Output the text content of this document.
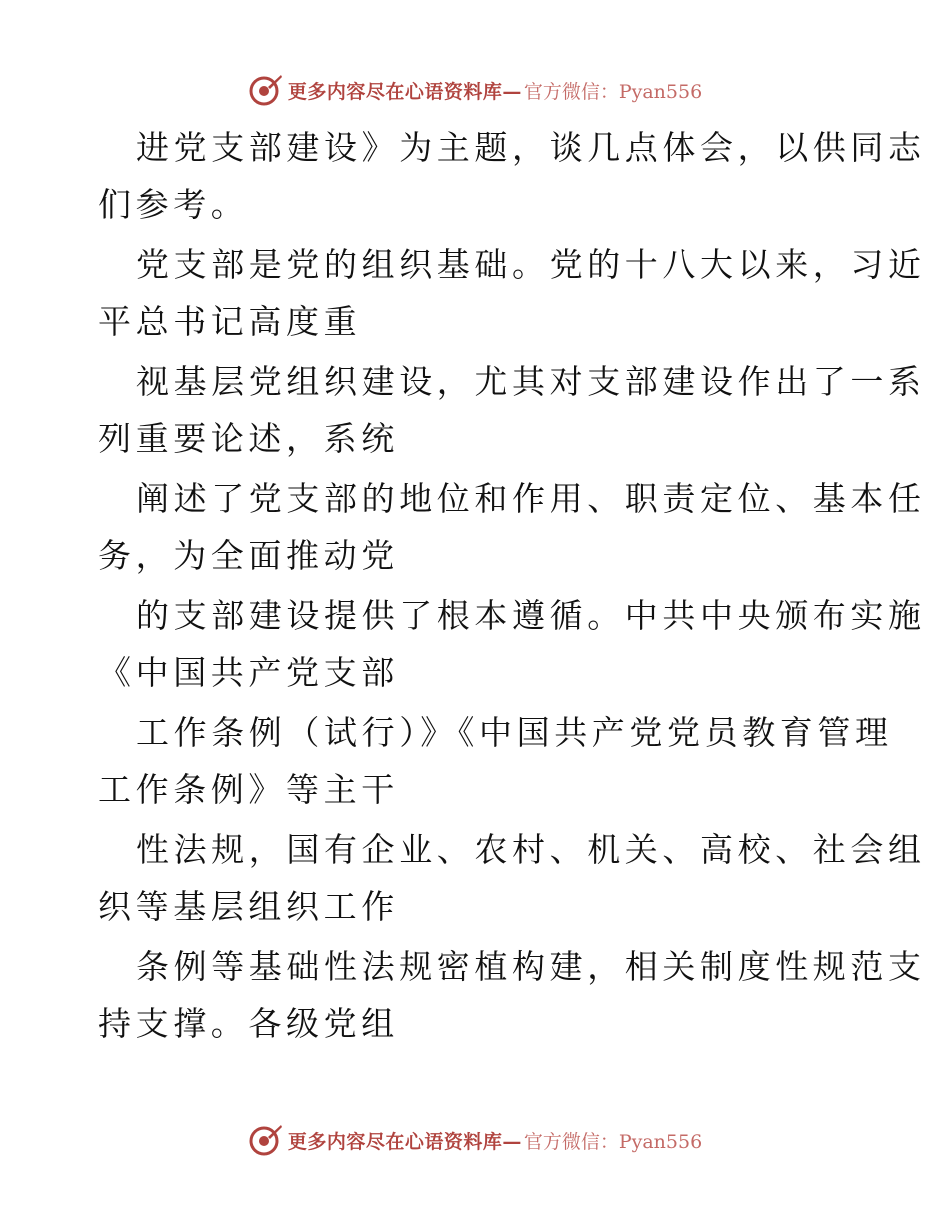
更多内容尽在心语资料库— 官方微信：Pyan556
进党支部建设》为主题，谈几点体会，以供同志
们参考。
党支部是党的组织基础。党的十八大以来，习近
平总书记高度重
视基层党组织建设，尤其对支部建设作出了一系
列重要论述，系统
阐述了党支部的地位和作用、职责定位、基本任
务，为全面推动党
的支部建设提供了根本遵循。中共中央颁布实施
《中国共产党支部
工作条例（试行）》《中国共产党党员教育管理
工作条例》等主干
性法规，国有企业、农村、机关、高校、社会组
织等基层组织工作
条例等基础性法规密植构建，相关制度性规范支
持支撑。各级党组
更多内容尽在心语资料库— 官方微信：Pyan556
